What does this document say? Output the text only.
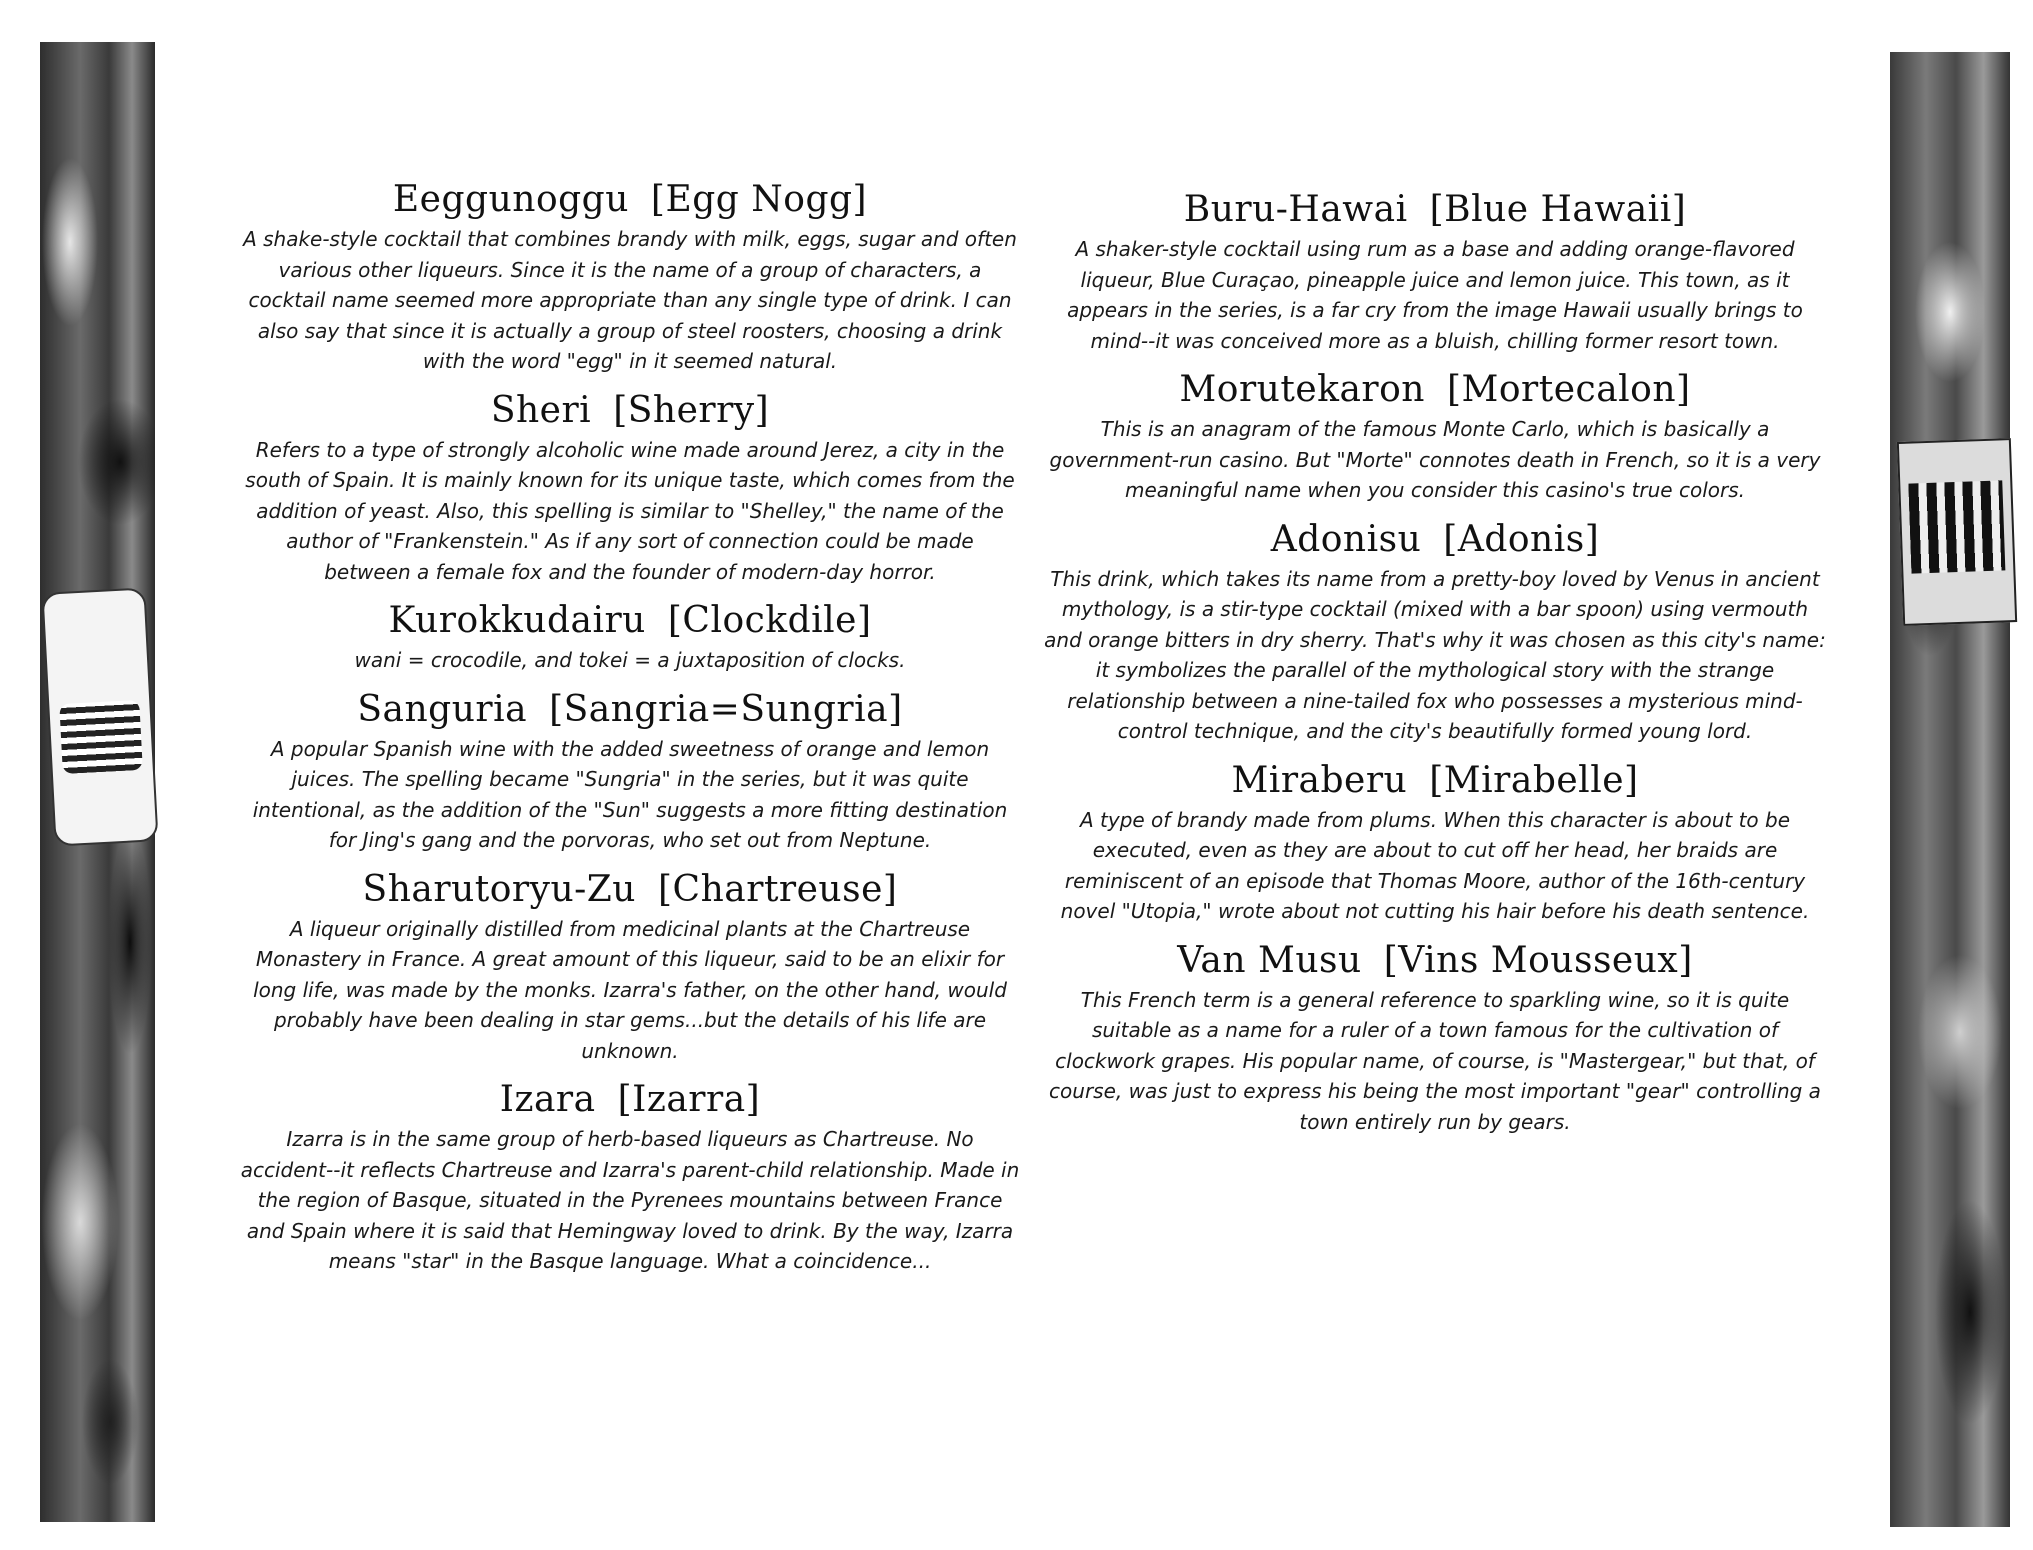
Eeggunoggu [Egg Nogg]

A shake-style cocktail that combines brandy with milk, eggs, sugar and often various other liqueurs. Since it is the name of a group of characters, a cocktail name seemed more appropriate than any single type of drink. I can also say that since it is actually a group of steel roosters, choosing a drink with the word "egg" in it seemed natural.

Sheri [Sherry]

Refers to a type of strongly alcoholic wine made around Jerez, a city in the south of Spain. It is mainly known for its unique taste, which comes from the addition of yeast. Also, this spelling is similar to "Shelley," the name of the author of "Frankenstein." As if any sort of connection could be made between a female fox and the founder of modern-day horror.

Kurokkudairu [Clockdile]

wani = crocodile, and tokei = a juxtaposition of clocks.

Sanguria [Sangria=Sungria]

A popular Spanish wine with the added sweetness of orange and lemon juices. The spelling became "Sungria" in the series, but it was quite intentional, as the addition of the "Sun" suggests a more fitting destination for Jing's gang and the porvoras, who set out from Neptune.

Sharutoryu-Zu [Chartreuse]

A liqueur originally distilled from medicinal plants at the Chartreuse Monastery in France. A great amount of this liqueur, said to be an elixir for long life, was made by the monks. Izarra's father, on the other hand, would probably have been dealing in star gems...but the details of his life are unknown.

Izara [Izarra]

Izarra is in the same group of herb-based liqueurs as Chartreuse. No accident--it reflects Chartreuse and Izarra's parent-child relationship. Made in the region of Basque, situated in the Pyrenees mountains between France and Spain where it is said that Hemingway loved to drink. By the way, Izarra means "star" in the Basque language. What a coincidence...

Buru-Hawai [Blue Hawaii]

A shaker-style cocktail using rum as a base and adding orange-flavored liqueur, Blue Curaçao, pineapple juice and lemon juice. This town, as it appears in the series, is a far cry from the image Hawaii usually brings to mind--it was conceived more as a bluish, chilling former resort town.

Morutekaron [Mortecalon]

This is an anagram of the famous Monte Carlo, which is basically a government-run casino. But "Morte" connotes death in French, so it is a very meaningful name when you consider this casino's true colors.

Adonisu [Adonis]

This drink, which takes its name from a pretty-boy loved by Venus in ancient mythology, is a stir-type cocktail (mixed with a bar spoon) using vermouth and orange bitters in dry sherry. That's why it was chosen as this city's name: it symbolizes the parallel of the mythological story with the strange relationship between a nine-tailed fox who possesses a mysterious mind-control technique, and the city's beautifully formed young lord.

Miraberu [Mirabelle]

A type of brandy made from plums. When this character is about to be executed, even as they are about to cut off her head, her braids are reminiscent of an episode that Thomas Moore, author of the 16th-century novel "Utopia," wrote about not cutting his hair before his death sentence.

Van Musu [Vins Mousseux]

This French term is a general reference to sparkling wine, so it is quite suitable as a name for a ruler of a town famous for the cultivation of clockwork grapes. His popular name, of course, is "Mastergear," but that, of course, was just to express his being the most important "gear" controlling a town entirely run by gears.
